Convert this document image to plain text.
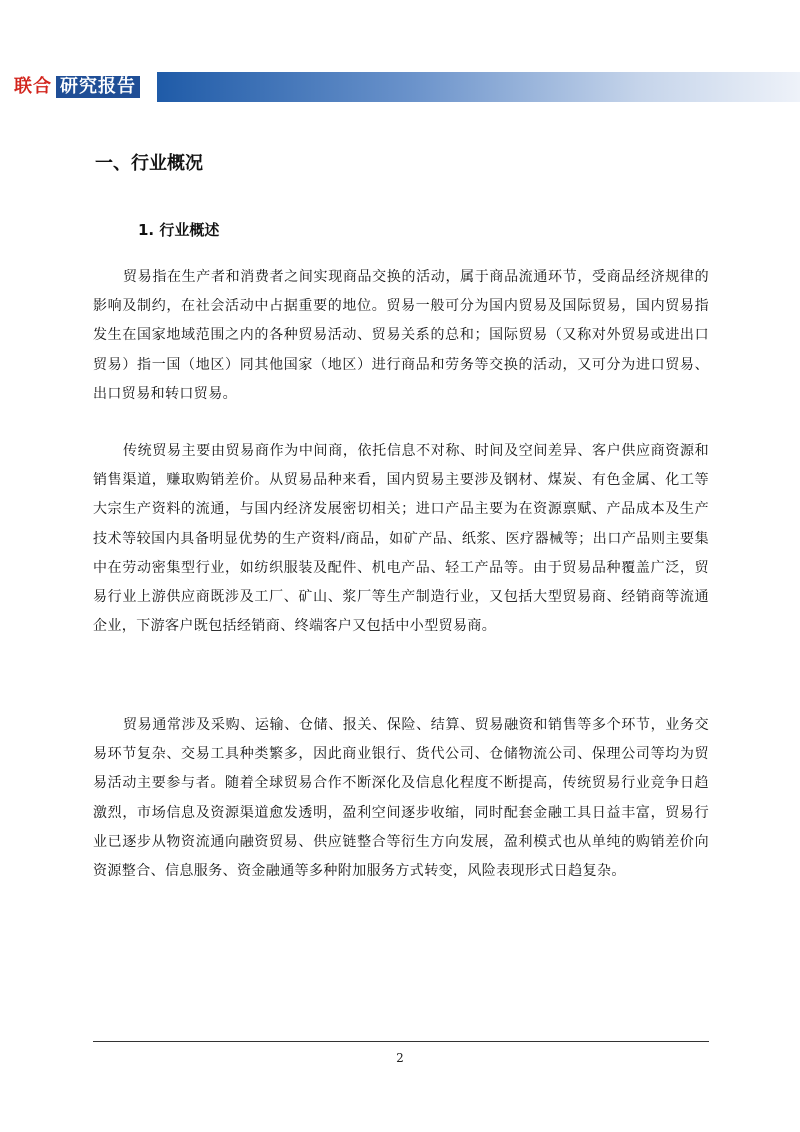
联合 研究报告
一、行业概况
1. 行业概述

贸易指在生产者和消费者之间实现商品交换的活动，属于商品流通环节，受商品经济规律的影响及制约，在社会活动中占据重要的地位。贸易一般可分为国内贸易及国际贸易，国内贸易指发生在国家地域范围之内的各种贸易活动、贸易关系的总和；国际贸易（又称对外贸易或进出口贸易）指一国（地区）同其他国家（地区）进行商品和劳务等交换的活动，又可分为进口贸易、出口贸易和转口贸易。

传统贸易主要由贸易商作为中间商，依托信息不对称、时间及空间差异、客户供应商资源和销售渠道，赚取购销差价。从贸易品种来看，国内贸易主要涉及钢材、煤炭、有色金属、化工等大宗生产资料的流通，与国内经济发展密切相关；进口产品主要为在资源禀赋、产品成本及生产技术等较国内具备明显优势的生产资料/商品，如矿产品、纸浆、医疗器械等；出口产品则主要集中在劳动密集型行业，如纺织服装及配件、机电产品、轻工产品等。由于贸易品种覆盖广泛，贸易行业上游供应商既涉及工厂、矿山、浆厂等生产制造行业，又包括大型贸易商、经销商等流通企业，下游客户既包括经销商、终端客户又包括中小型贸易商。

贸易通常涉及采购、运输、仓储、报关、保险、结算、贸易融资和销售等多个环节，业务交易环节复杂、交易工具种类繁多，因此商业银行、货代公司、仓储物流公司、保理公司等均为贸易活动主要参与者。随着全球贸易合作不断深化及信息化程度不断提高，传统贸易行业竞争日趋激烈，市场信息及资源渠道愈发透明，盈利空间逐步收缩，同时配套金融工具日益丰富，贸易行业已逐步从物资流通向融资贸易、供应链整合等衍生方向发展，盈利模式也从单纯的购销差价向资源整合、信息服务、资金融通等多种附加服务方式转变，风险表现形式日趋复杂。

2
